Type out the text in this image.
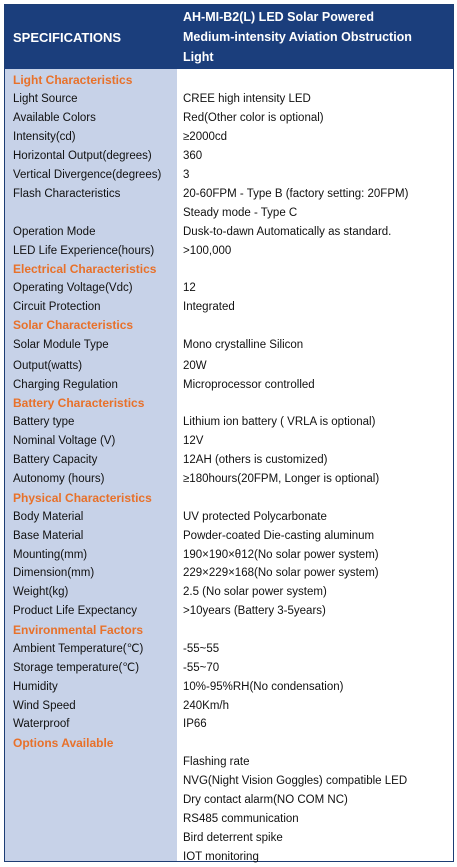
SPECIFICATIONS
AH-MI-B2(L) LED Solar Powered
Medium-intensity Aviation Obstruction
Light
Light Characteristics
Light Source	CREE high intensity LED
Available Colors	Red(Other color is optional)
Intensity(cd)	≥2000cd
Horizontal Output(degrees)	360
Vertical Divergence(degrees) 3
Flash Characteristics	20-60FPM - Type B (factory setting: 20FPM)
Steady mode - Type C
Operation Mode	Dusk-to-dawn Automatically as standard.
LED Life Experience(hours) >100,000
Electrical Characteristics
Operating Voltage(Vdc)	12
Circuit Protection	Integrated
Solar Characteristics
Solar Module Type	Mono crystalline Silicon
Output(watts)	20W
Charging Regulation	Microprocessor controlled
Battery Characteristics
Battery type	Lithium ion battery ( VRLA is optional)
Nominal Voltage (V)	12V
Battery Capacity	12AH (others is customized)
Autonomy (hours)	≥180hours(20FPM, Longer is optional)
Physical Characteristics
Body Material	UV protected Polycarbonate
Base Material	Powder-coated Die-casting aluminum
Mounting(mm)	190×190×θ12(No solar power system)
Dimension(mm)	229×229×168(No solar power system)
Weight(kg)	2.5 (No solar power system)
Product Life Expectancy	>10years (Battery 3-5years)
Environmental Factors
Ambient Temperature(℃)	-55~55
Storage temperature(℃)	-55~70
Humidity	10%-95%RH(No condensation)
Wind Speed	240Km/h
Waterproof	IP66
Options Available
Flashing rate
NVG(Night Vision Goggles) compatible LED
Dry contact alarm(NO COM NC)
RS485 communication
Bird deterrent spike
IOT monitoring
